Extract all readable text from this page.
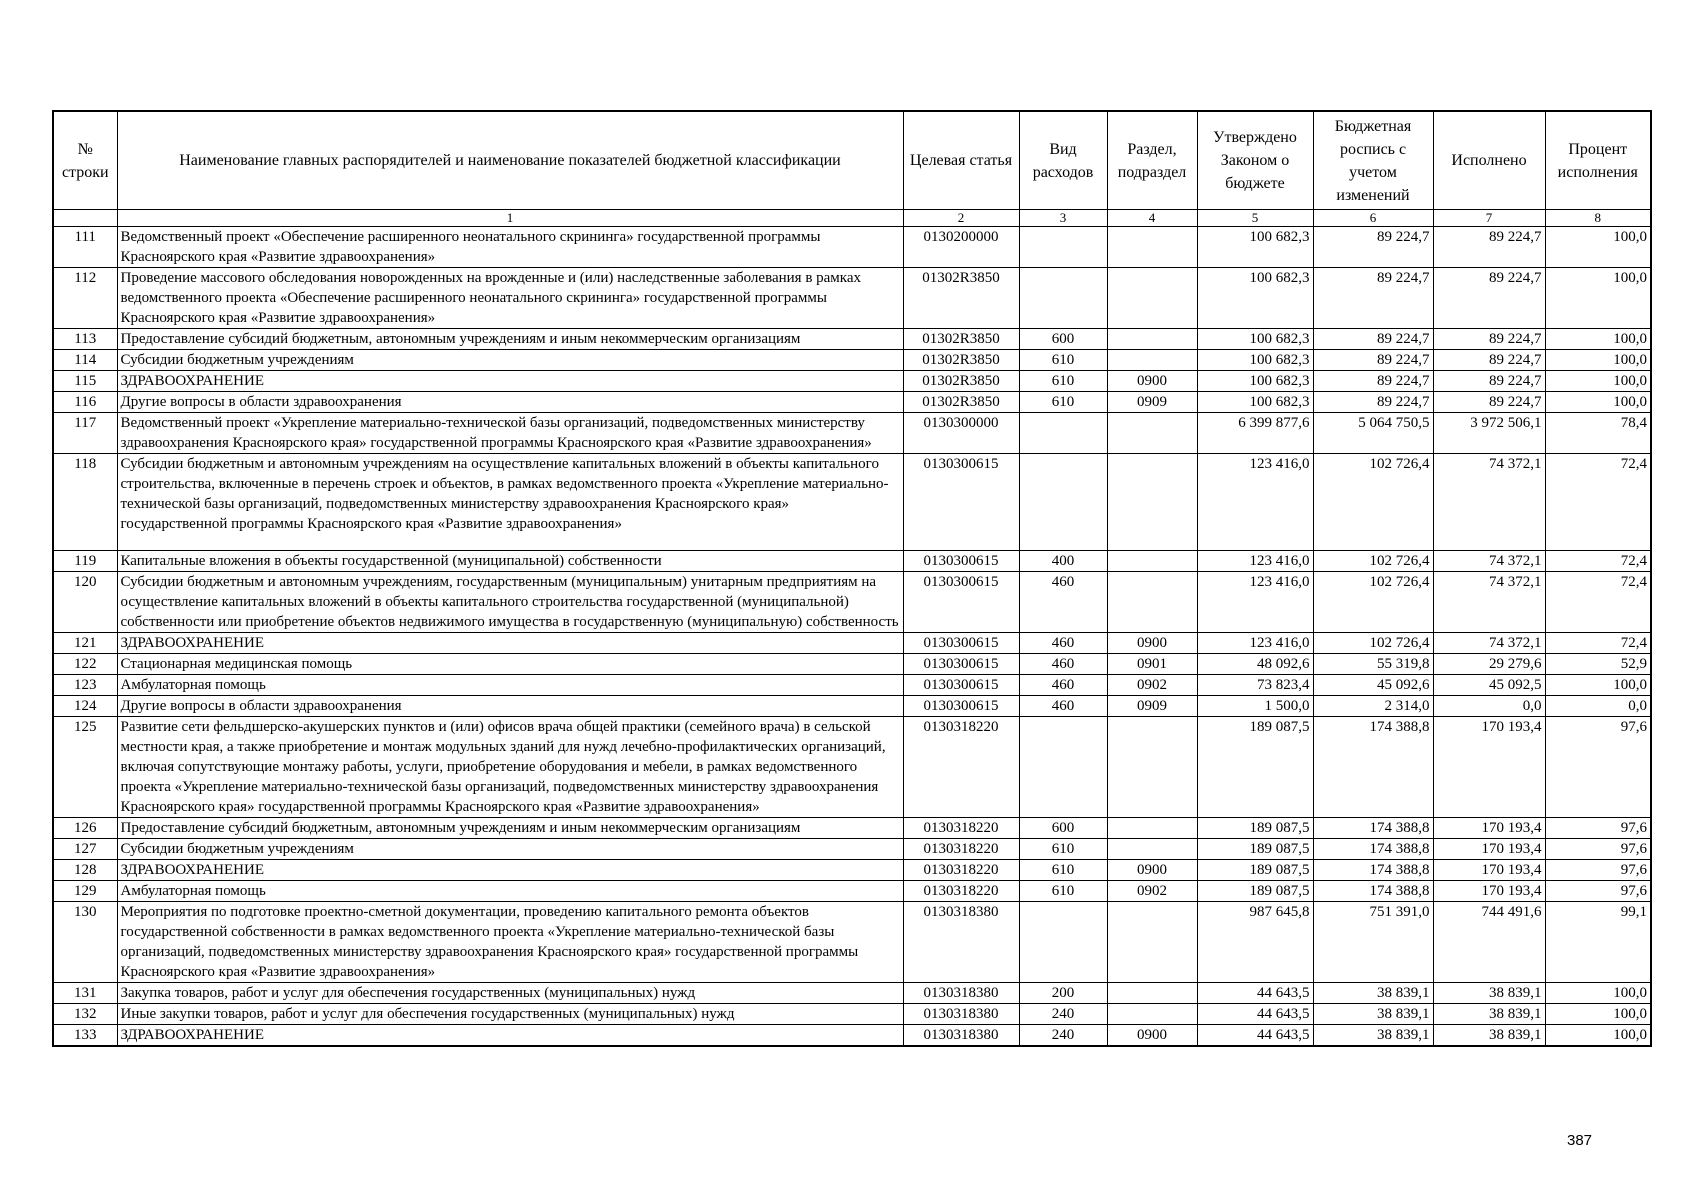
№ строки	Наименование главных распорядителей и наименование показателей бюджетной классификации	Целевая статья	Вид расходов	Раздел, подраздел	Утверждено Законом о бюджете	Бюджетная роспись с учетом изменений	Исполнено	Процент исполнения
	1	2	3	4	5	6	7	8
111	Ведомственный проект «Обеспечение расширенного неонатального скрининга» государственной программы Красноярского края «Развитие здравоохранения»	0130200000			100 682,3	89 224,7	89 224,7	100,0
112	Проведение массового обследования новорожденных на врожденные и (или) наследственные заболевания в рамках ведомственного проекта «Обеспечение расширенного неонатального скрининга» государственной программы Красноярского края «Развитие здравоохранения»	01302R3850			100 682,3	89 224,7	89 224,7	100,0
113	Предоставление субсидий бюджетным, автономным учреждениям и иным некоммерческим организациям	01302R3850	600		100 682,3	89 224,7	89 224,7	100,0
114	Субсидии бюджетным учреждениям	01302R3850	610		100 682,3	89 224,7	89 224,7	100,0
115	ЗДРАВООХРАНЕНИЕ	01302R3850	610	0900	100 682,3	89 224,7	89 224,7	100,0
116	Другие вопросы в области здравоохранения	01302R3850	610	0909	100 682,3	89 224,7	89 224,7	100,0
117	Ведомственный проект «Укрепление материально-технической базы организаций, подведомственных министерству здравоохранения Красноярского края» государственной программы Красноярского края «Развитие здравоохранения»	0130300000			6 399 877,6	5 064 750,5	3 972 506,1	78,4
118	Субсидии бюджетным и автономным учреждениям на осуществление капитальных вложений в объекты капитального строительства, включенные в перечень строек и объектов, в рамках ведомственного проекта «Укрепление материально-технической базы организаций, подведомственных министерству здравоохранения Красноярского края» государственной программы Красноярского края «Развитие здравоохранения»	0130300615			123 416,0	102 726,4	74 372,1	72,4
119	Капитальные вложения в объекты государственной (муниципальной) собственности	0130300615	400		123 416,0	102 726,4	74 372,1	72,4
120	Субсидии бюджетным и автономным учреждениям, государственным (муниципальным) унитарным предприятиям на осуществление капитальных вложений в объекты капитального строительства государственной (муниципальной) собственности или приобретение объектов недвижимого имущества в государственную (муниципальную) собственность	0130300615	460		123 416,0	102 726,4	74 372,1	72,4
121	ЗДРАВООХРАНЕНИЕ	0130300615	460	0900	123 416,0	102 726,4	74 372,1	72,4
122	Стационарная медицинская помощь	0130300615	460	0901	48 092,6	55 319,8	29 279,6	52,9
123	Амбулаторная помощь	0130300615	460	0902	73 823,4	45 092,6	45 092,5	100,0
124	Другие вопросы в области здравоохранения	0130300615	460	0909	1 500,0	2 314,0	0,0	0,0
125	Развитие сети фельдшерско-акушерских пунктов и (или) офисов врача общей практики (семейного врача) в сельской местности края, а также приобретение и монтаж модульных зданий для нужд лечебно-профилактических организаций, включая сопутствующие монтажу работы, услуги, приобретение оборудования и мебели, в рамках ведомственного проекта «Укрепление материально-технической базы организаций, подведомственных министерству здравоохранения Красноярского края» государственной программы Красноярского края «Развитие здравоохранения»	0130318220			189 087,5	174 388,8	170 193,4	97,6
126	Предоставление субсидий бюджетным, автономным учреждениям и иным некоммерческим организациям	0130318220	600		189 087,5	174 388,8	170 193,4	97,6
127	Субсидии бюджетным учреждениям	0130318220	610		189 087,5	174 388,8	170 193,4	97,6
128	ЗДРАВООХРАНЕНИЕ	0130318220	610	0900	189 087,5	174 388,8	170 193,4	97,6
129	Амбулаторная помощь	0130318220	610	0902	189 087,5	174 388,8	170 193,4	97,6
130	Мероприятия по подготовке проектно-сметной документации, проведению капитального ремонта объектов государственной собственности в рамках ведомственного проекта «Укрепление материально-технической базы организаций, подведомственных министерству здравоохранения Красноярского края» государственной программы Красноярского края «Развитие здравоохранения»	0130318380			987 645,8	751 391,0	744 491,6	99,1
131	Закупка товаров, работ и услуг для обеспечения государственных (муниципальных) нужд	0130318380	200		44 643,5	38 839,1	38 839,1	100,0
132	Иные закупки товаров, работ и услуг для обеспечения государственных (муниципальных) нужд	0130318380	240		44 643,5	38 839,1	38 839,1	100,0
133	ЗДРАВООХРАНЕНИЕ	0130318380	240	0900	44 643,5	38 839,1	38 839,1	100,0
387
